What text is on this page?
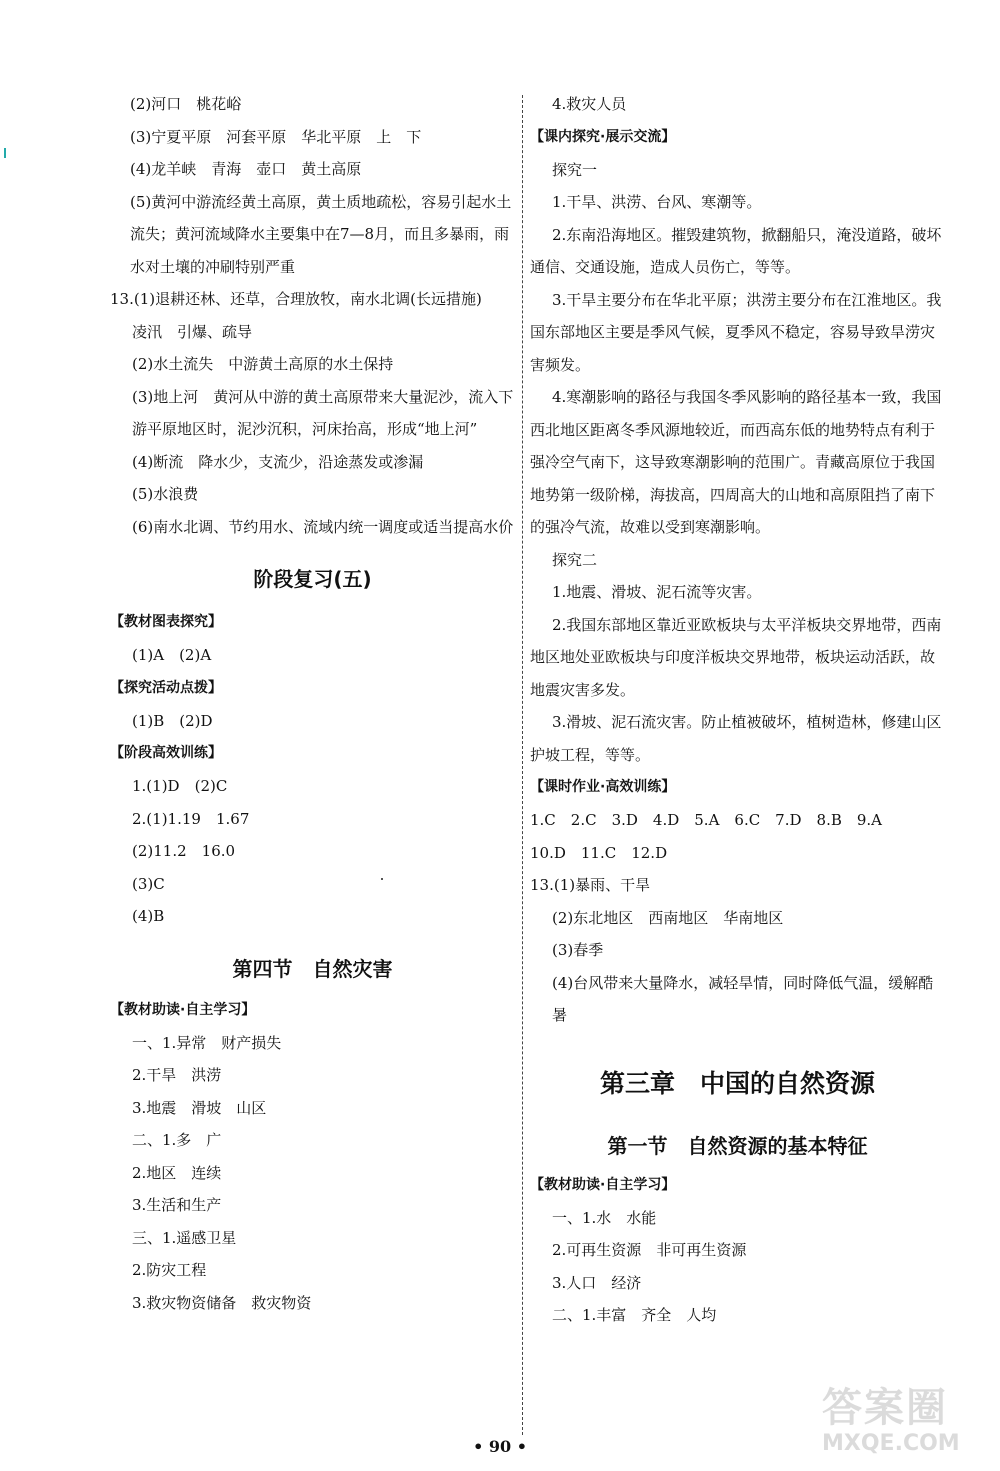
(2)河口　桃花峪

(3)宁夏平原　河套平原　华北平原　上　下

(4)龙羊峡　青海　壶口　黄土高原

(5)黄河中游流经黄土高原，黄土质地疏松，容易引起水土流失；黄河流域降水主要集中在7—8月，而且多暴雨，雨水对土壤的冲刷特别严重

13.(1)退耕还林、还草，合理放牧，南水北调(长远措施)

凌汛　引爆、疏导

(2)水土流失　中游黄土高原的水土保持

(3)地上河　黄河从中游的黄土高原带来大量泥沙，流入下游平原地区时，泥沙沉积，河床抬高，形成“地上河”

(4)断流　降水少，支流少，沿途蒸发或渗漏

(5)水浪费

(6)南水北调、节约用水、流域内统一调度或适当提高水价

阶段复习(五)

【教材图表探究】

(1)A　(2)A

【探究活动点拨】

(1)B　(2)D

【阶段高效训练】

1.(1)D　(2)C

2.(1)1.19　1.67

(2)11.2　16.0

(3)C

(4)B

第四节　自然灾害

【教材助读·自主学习】

一、1.异常　财产损失

2.干旱　洪涝

3.地震　滑坡　山区

二、1.多　广

2.地区　连续

3.生活和生产

三、1.遥感卫星

2.防灾工程

3.救灾物资储备　救灾物资

4.救灾人员

【课内探究·展示交流】

探究一

1.干旱、洪涝、台风、寒潮等。

2.东南沿海地区。摧毁建筑物，掀翻船只，淹没道路，破坏通信、交通设施，造成人员伤亡，等等。

3.干旱主要分布在华北平原；洪涝主要分布在江淮地区。我国东部地区主要是季风气候，夏季风不稳定，容易导致旱涝灾害频发。

4.寒潮影响的路径与我国冬季风影响的路径基本一致，我国西北地区距离冬季风源地较近，而西高东低的地势特点有利于强冷空气南下，这导致寒潮影响的范围广。青藏高原位于我国地势第一级阶梯，海拔高，四周高大的山地和高原阻挡了南下的强冷气流，故难以受到寒潮影响。

探究二

1.地震、滑坡、泥石流等灾害。

2.我国东部地区靠近亚欧板块与太平洋板块交界地带，西南地区地处亚欧板块与印度洋板块交界地带，板块运动活跃，故地震灾害多发。

3.滑坡、泥石流灾害。防止植被破坏，植树造林，修建山区护坡工程，等等。

【课时作业·高效训练】

1.C　2.C　3.D　4.D　5.A　6.C　7.D　8.B　9.A

10.D　11.C　12.D

13.(1)暴雨、干旱

(2)东北地区　西南地区　华南地区

(3)春季

(4)台风带来大量降水，减轻旱情，同时降低气温，缓解酷暑

第三章　中国的自然资源

第一节　自然资源的基本特征

【教材助读·自主学习】

一、1.水　水能

2.可再生资源　非可再生资源

3.人口　经济

二、1.丰富　齐全　人均

• 90 •
答案圈
MXQE.COM
